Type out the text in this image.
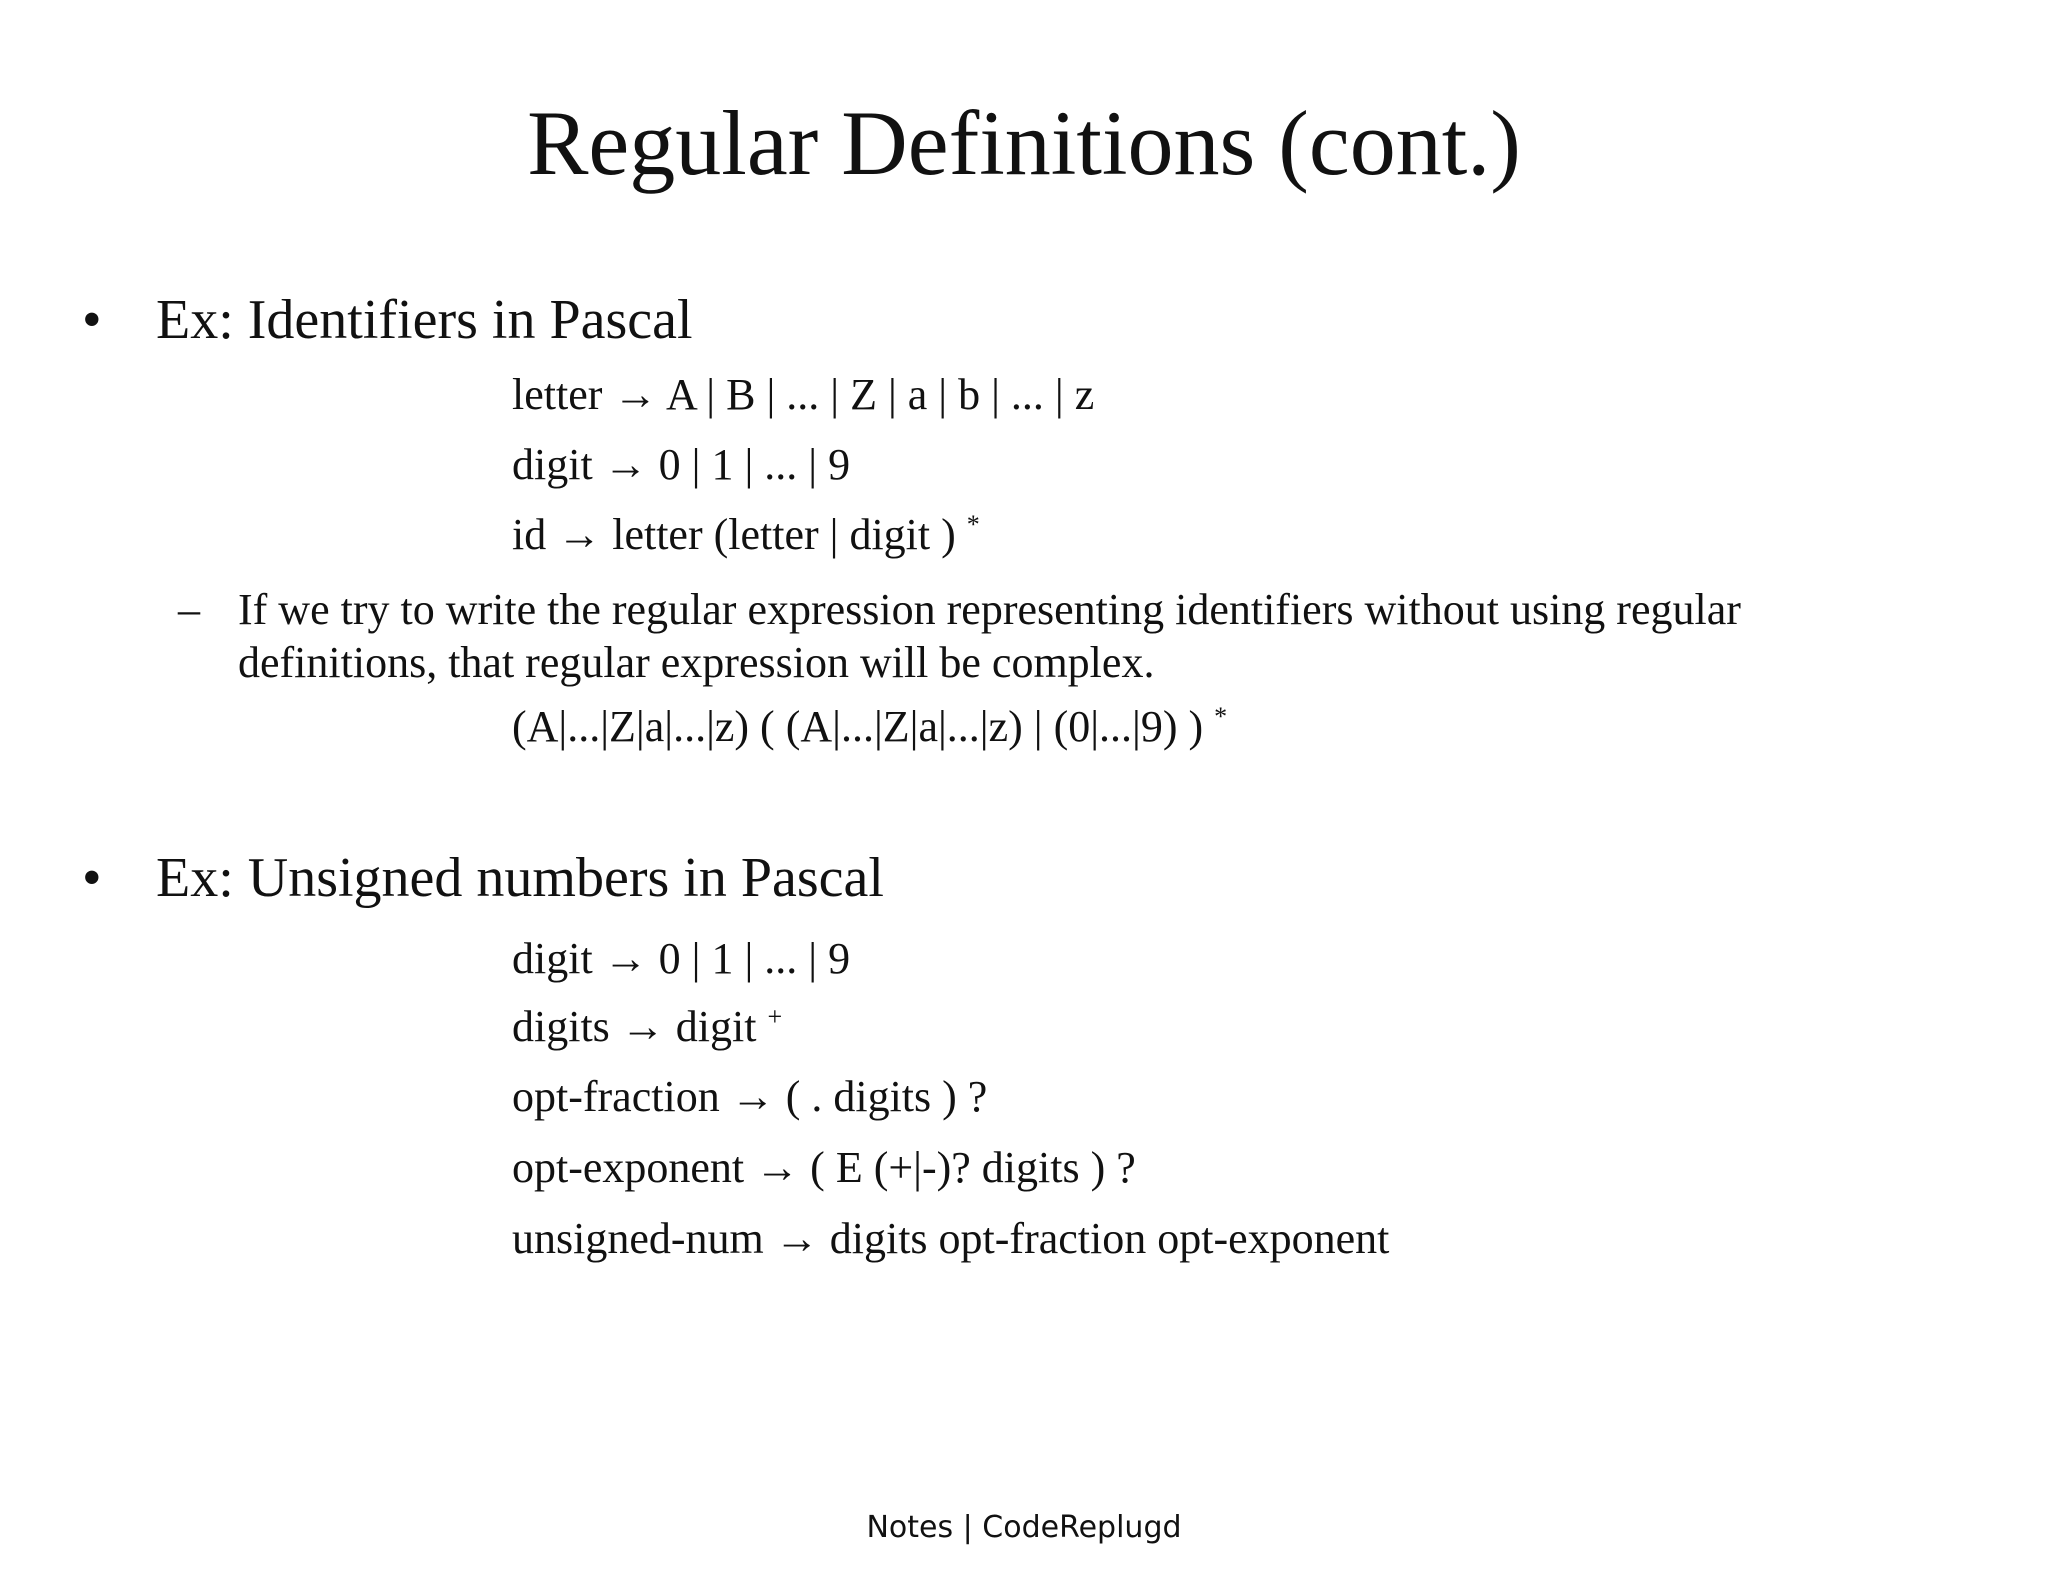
Regular Definitions (cont.)
• Ex: Identifiers in Pascal
letter → A | B | ... | Z | a | b | ... | z
digit → 0 | 1 | ... | 9
id → letter (letter | digit ) *
– If we try to write the regular expression representing identifiers without using regular definitions, that regular expression will be complex.
(A|...|Z|a|...|z) ( (A|...|Z|a|...|z) | (0|...|9) ) *
• Ex: Unsigned numbers in Pascal
digit → 0 | 1 | ... | 9
digits → digit +
opt-fraction → ( . digits ) ?
opt-exponent → ( E (+|-)? digits ) ?
unsigned-num → digits opt-fraction opt-exponent
Notes | CodeReplugd
